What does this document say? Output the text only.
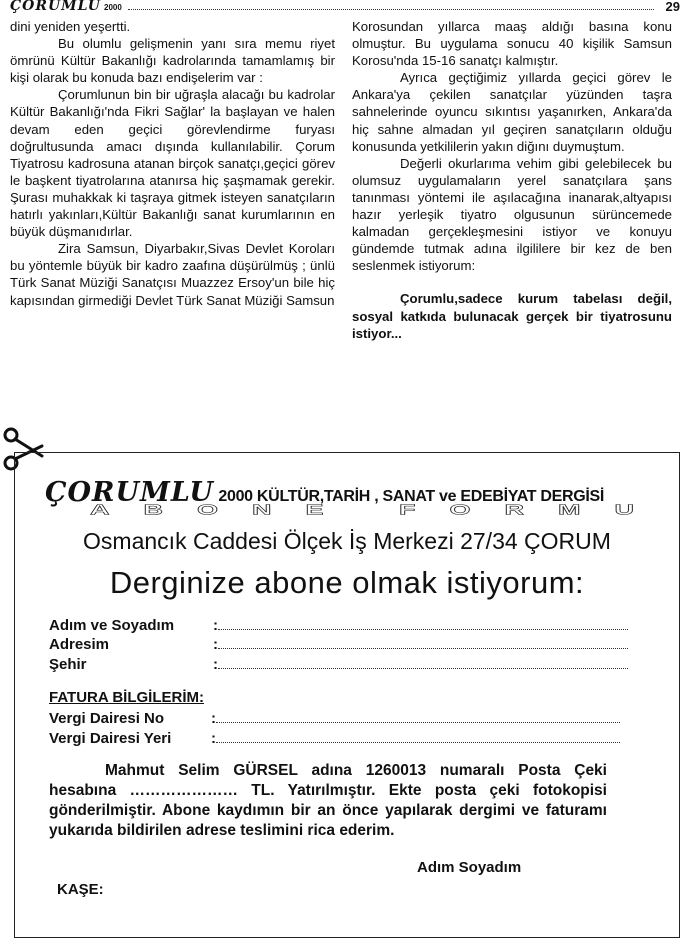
ÇORUMLU 2000	29

dini yeniden yeşertti.

Bu olumlu gelişmenin yanı sıra memu riyet ömrünü Kültür Bakanlığı kadrolarında tamamlamış bir kişi olarak bu konuda bazı endişelerim var :

Çorumlunun bin bir uğraşla alacağı bu kadrolar Kültür Bakanlığı'nda Fikri Sağlar' la başlayan ve halen devam eden geçici görevlendirme furyası doğrultusunda amacı dışında kullanılabilir. Çorum Tiyatrosu kadrosuna atanan birçok sanatçı,geçici görev le başkent tiyatrolarına atanırsa hiç şaşmamak gerekir. Şurası muhakkak ki taşraya gitmek isteyen sanatçıların hatırlı yakınları,Kültür Bakanlığı sanat kurumlarının en büyük düşmanıdırlar.

Zira Samsun, Diyarbakır,Sivas Devlet Koroları bu yöntemle büyük bir kadro zaafına düşürülmüş ; ünlü Türk Sanat Müziği Sanatçısı Muazzez Ersoy'un bile hiç kapısından girmediği Devlet Türk Sanat Müziği Samsun

Korosundan yıllarca maaş aldığı basına konu olmuştur. Bu uygulama sonucu 40 kişilik Samsun Korosu'nda 15-16 sanatçı kalmıştır.

Ayrıca geçtiğimiz yıllarda geçici görev le Ankara'ya çekilen sanatçılar yüzünden taşra sahnelerinde oyuncu sıkıntısı yaşanırken, Ankara'da hiç sahne almadan yıl geçiren sanatçıların olduğu konusunda yetkililerin yakın diğını duymuştum.

Değerli okurlarıma vehim gibi gelebilecek bu olumsuz uygulamaların yerel sanatçılara şans tanınması yöntemi ile aşılacağına inanarak,altyapısı hazır yerleşik tiyatro olgusunun sürüncemede kalmadan gerçekleşmesini istiyor ve konuyu gündemde tutmak adına ilgililere bir kez de ben seslenmek istiyorum:

Çorumlu,sadece kurum tabelası değil, sosyal katkıda bulunacak gerçek bir tiyatrosunu istiyor...

ÇORUMLU 2000 KÜLTÜR,TARİH , SANAT ve EDEBİYAT DERGİSİ
ABONE FORMU
Osmancık Caddesi Ölçek İş Merkezi 27/34 ÇORUM
Derginize abone olmak istiyorum:
Adım ve Soyadım	:
Adresim	:
Şehir	:
FATURA BİLGİLERİM:
Vergi Dairesi No	:
Vergi Dairesi Yeri	:
Mahmut Selim GÜRSEL adına 1260013 numaralı Posta Çeki hesabına ………………… TL. Yatırılmıştır. Ekte posta çeki fotokopisi gönderilmiştir. Abone kaydımın bir an önce yapılarak dergimi ve faturamı yukarıda bildirilen adrese teslimini rica ederim.
Adım Soyadım
KAŞE:
